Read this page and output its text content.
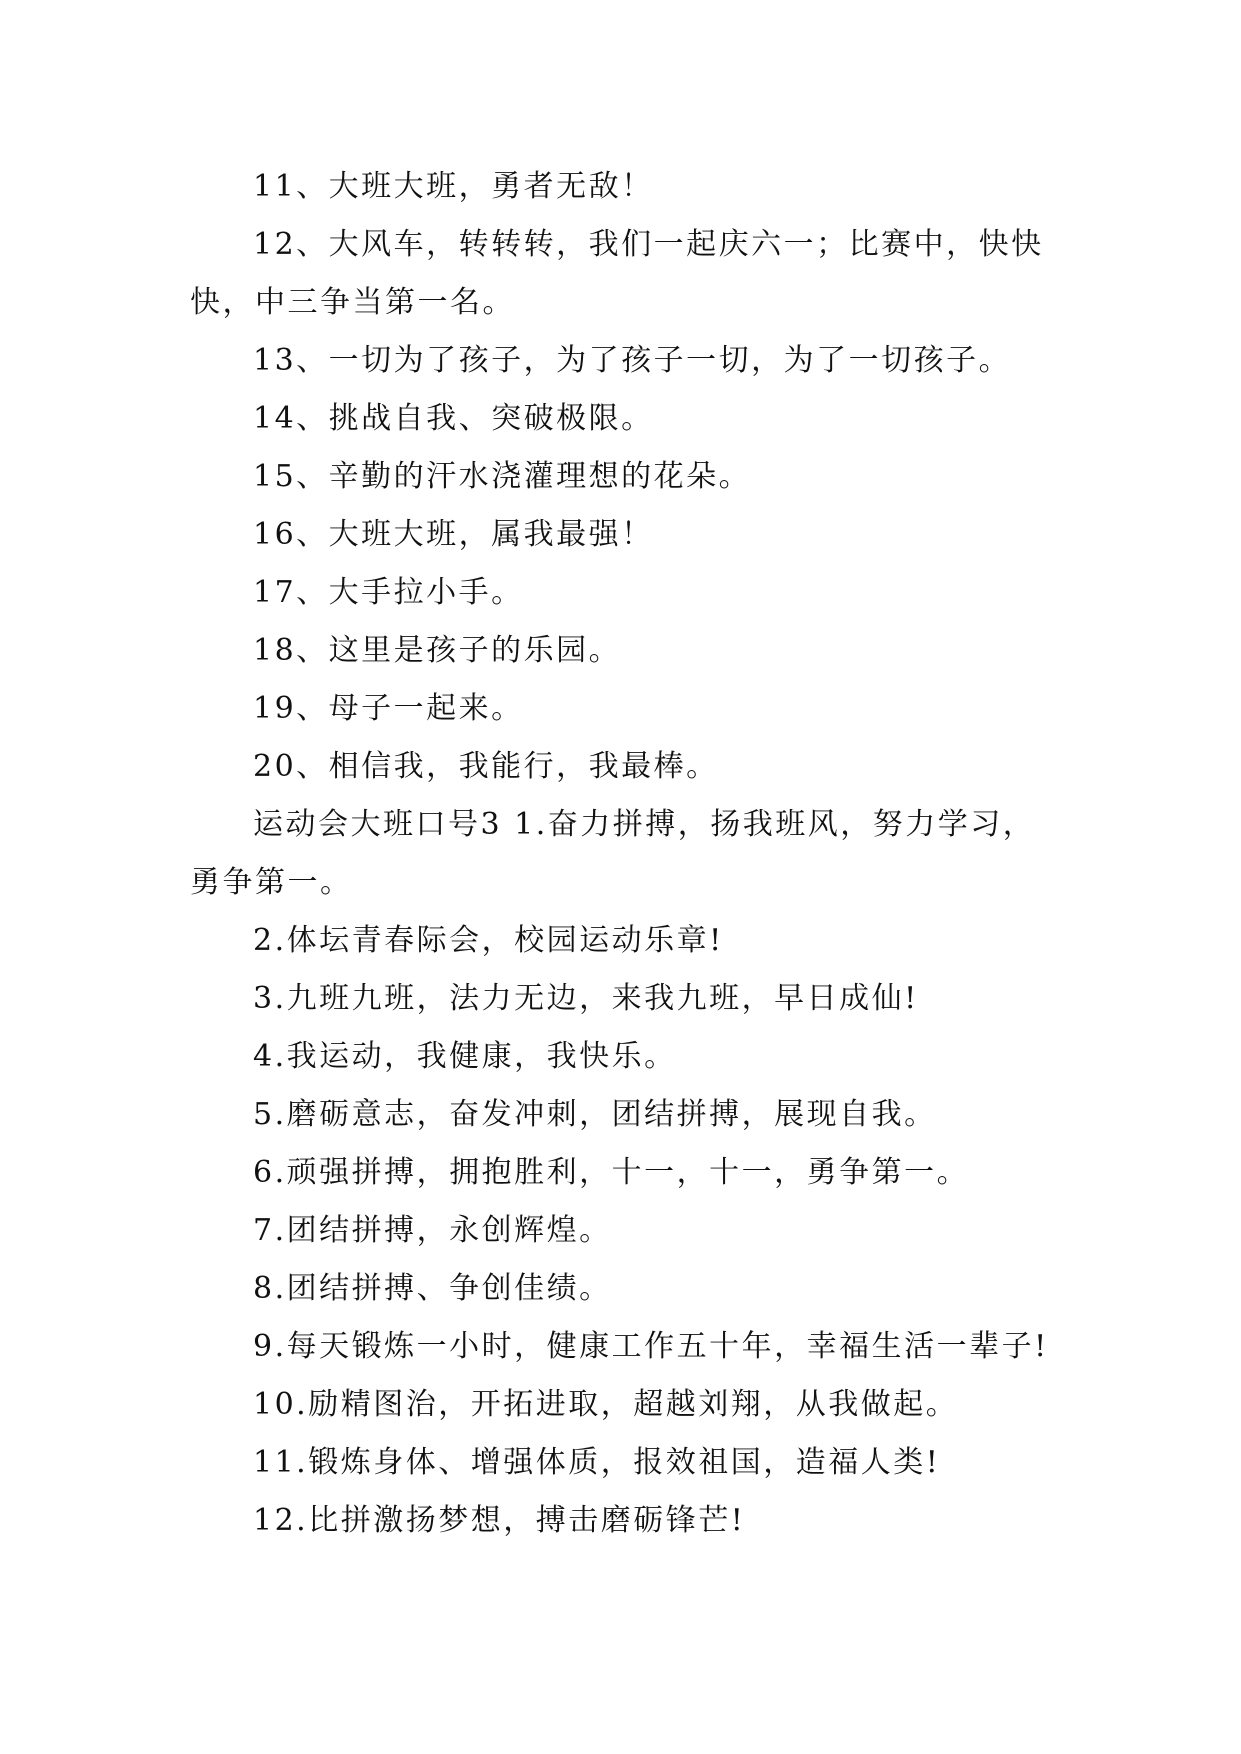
11、大班大班，勇者无敌！

12、大风车，转转转，我们一起庆六一；比赛中，快快快，中三争当第一名。

13、一切为了孩子，为了孩子一切，为了一切孩子。

14、挑战自我、突破极限。

15、辛勤的汗水浇灌理想的花朵。

16、大班大班，属我最强！

17、大手拉小手。

18、这里是孩子的乐园。

19、母子一起来。

20、相信我，我能行，我最棒。

运动会大班口号3 1.奋力拼搏，扬我班风，努力学习，勇争第一。

2.体坛青春际会，校园运动乐章!

3.九班九班，法力无边，来我九班，早日成仙!

4.我运动，我健康，我快乐。

5.磨砺意志，奋发冲刺，团结拼搏，展现自我。

6.顽强拼搏，拥抱胜利，十一，十一，勇争第一。

7.团结拼搏，永创辉煌。

8.团结拼搏、争创佳绩。

9.每天锻炼一小时，健康工作五十年，幸福生活一辈子!

10.励精图治，开拓进取，超越刘翔，从我做起。

11.锻炼身体、增强体质，报效祖国，造福人类!

12.比拼激扬梦想，搏击磨砺锋芒!
